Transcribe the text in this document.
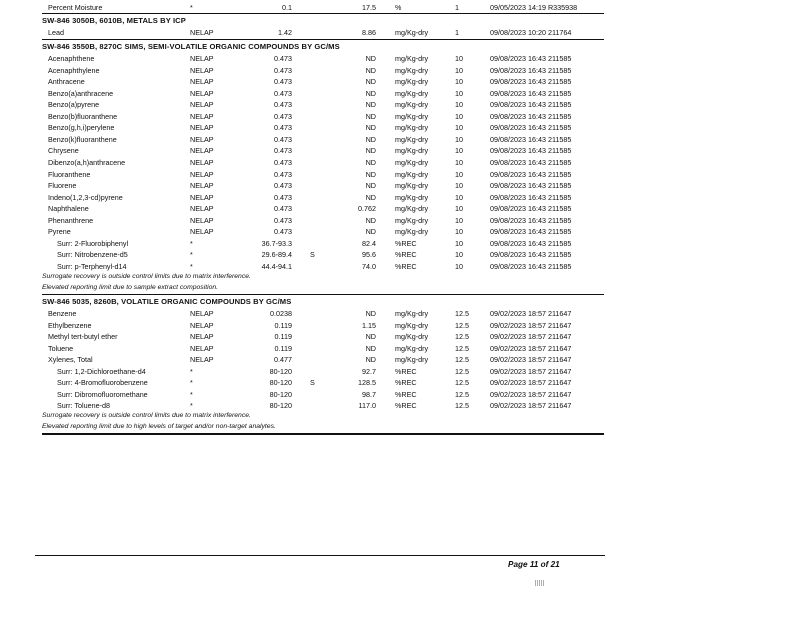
Percent Moisture	*	0.1	17.5	%	1	09/05/2023 14:19 R335938
SW-846 3050B, 6010B, METALS BY ICP
Lead	NELAP	1.42	8.86	mg/Kg-dry	1	09/08/2023 10:20 211764
SW-846 3550B, 8270C SIMS, SEMI-VOLATILE ORGANIC COMPOUNDS BY GC/MS
Acenaphthene	NELAP	0.473	ND	mg/Kg-dry	10	09/08/2023 16:43 211585
Acenaphthylene	NELAP	0.473	ND	mg/Kg-dry	10	09/08/2023 16:43 211585
Anthracene	NELAP	0.473	ND	mg/Kg-dry	10	09/08/2023 16:43 211585
Benzo(a)anthracene	NELAP	0.473	ND	mg/Kg-dry	10	09/08/2023 16:43 211585
Benzo(a)pyrene	NELAP	0.473	ND	mg/Kg-dry	10	09/08/2023 16:43 211585
Benzo(b)fluoranthene	NELAP	0.473	ND	mg/Kg-dry	10	09/08/2023 16:43 211585
Benzo(g,h,i)perylene	NELAP	0.473	ND	mg/Kg-dry	10	09/08/2023 16:43 211585
Benzo(k)fluoranthene	NELAP	0.473	ND	mg/Kg-dry	10	09/08/2023 16:43 211585
Chrysene	NELAP	0.473	ND	mg/Kg-dry	10	09/08/2023 16:43 211585
Dibenzo(a,h)anthracene	NELAP	0.473	ND	mg/Kg-dry	10	09/08/2023 16:43 211585
Fluoranthene	NELAP	0.473	ND	mg/Kg-dry	10	09/08/2023 16:43 211585
Fluorene	NELAP	0.473	ND	mg/Kg-dry	10	09/08/2023 16:43 211585
Indeno(1,2,3-cd)pyrene	NELAP	0.473	ND	mg/Kg-dry	10	09/08/2023 16:43 211585
Naphthalene	NELAP	0.473	0.762	mg/Kg-dry	10	09/08/2023 16:43 211585
Phenanthrene	NELAP	0.473	ND	mg/Kg-dry	10	09/08/2023 16:43 211585
Pyrene	NELAP	0.473	ND	mg/Kg-dry	10	09/08/2023 16:43 211585
Surr: 2-Fluorobiphenyl	*	36.7-93.3	82.4	%REC	10	09/08/2023 16:43 211585
Surr: Nitrobenzene-d5	*	29.6-89.4	S	95.6	%REC	10	09/08/2023 16:43 211585
Surr: p-Terphenyl-d14	*	44.4-94.1	74.0	%REC	10	09/08/2023 16:43 211585
Surrogate recovery is outside control limits due to matrix interference.
Elevated reporting limit due to sample extract composition.
SW-846 5035, 8260B, VOLATILE ORGANIC COMPOUNDS BY GC/MS
Benzene	NELAP	0.0238	ND	mg/Kg-dry	12.5	09/02/2023 18:57 211647
Ethylbenzene	NELAP	0.119	1.15	mg/Kg-dry	12.5	09/02/2023 18:57 211647
Methyl tert-butyl ether	NELAP	0.119	ND	mg/Kg-dry	12.5	09/02/2023 18:57 211647
Toluene	NELAP	0.119	ND	mg/Kg-dry	12.5	09/02/2023 18:57 211647
Xylenes, Total	NELAP	0.477	ND	mg/Kg-dry	12.5	09/02/2023 18:57 211647
Surr: 1,2-Dichloroethane-d4	*	80-120	92.7	%REC	12.5	09/02/2023 18:57 211647
Surr: 4-Bromofluorobenzene	*	80-120	S	128.5	%REC	12.5	09/02/2023 18:57 211647
Surr: Dibromofluoromethane	*	80-120	98.7	%REC	12.5	09/02/2023 18:57 211647
Surr: Toluene-d8	*	80-120	117.0	%REC	12.5	09/02/2023 18:57 211647
Surrogate recovery is outside control limits due to matrix interference.
Elevated reporting limit due to high levels of target and/or non-target analytes.
Page 11 of 21
